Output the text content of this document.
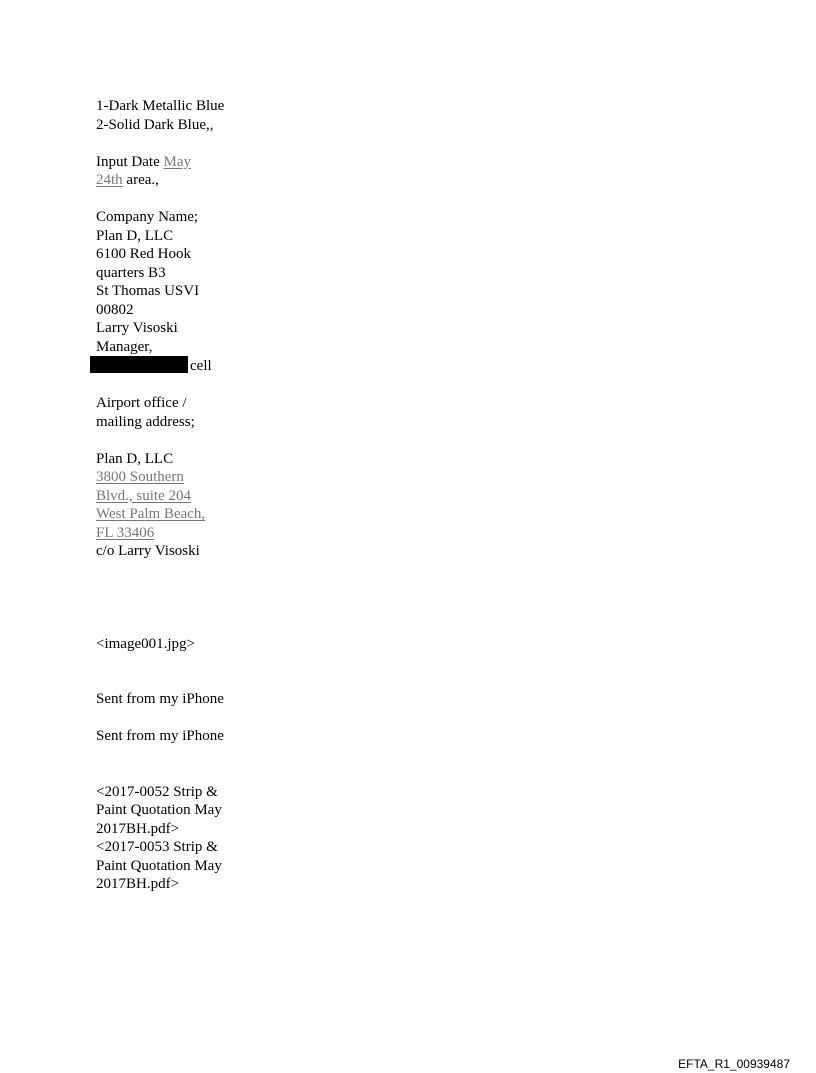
1-Dark Metallic Blue
2-Solid Dark Blue,,
Input Date May
24th area.,
Company Name;
Plan D, LLC
6100 Red Hook
quarters B3
St Thomas USVI
00802
Larry Visoski
Manager,
cell
Airport office /
mailing address;
Plan D, LLC
3800 Southern
Blvd., suite 204
West Palm Beach,
FL 33406
c/o Larry Visoski
<image001.jpg>
Sent from my iPhone
Sent from my iPhone
<2017-0052 Strip &
Paint Quotation May
2017BH.pdf>
<2017-0053 Strip &
Paint Quotation May
2017BH.pdf>
EFTA_R1_00939487
